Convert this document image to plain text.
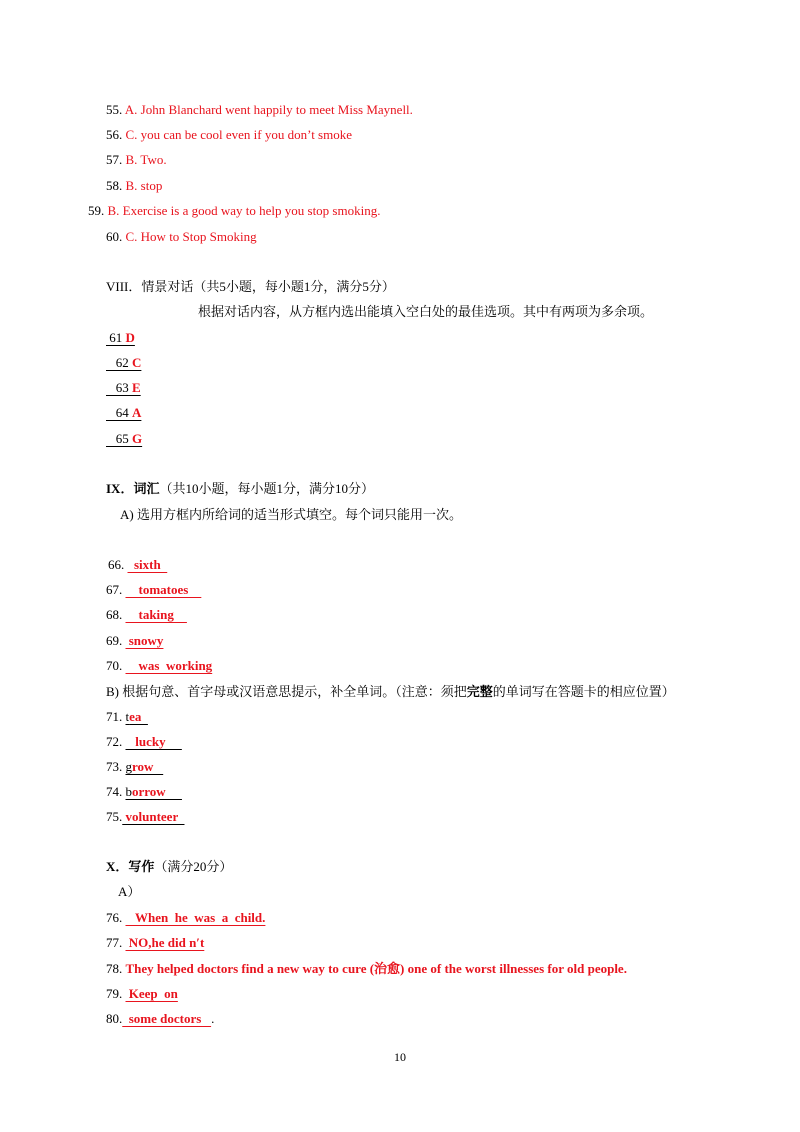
55. A. John Blanchard went happily to meet Miss Maynell.
56. C. you can be cool even if you don’t smoke
57. B. Two.
58. B. stop
59. B. Exercise is a good way to help you stop smoking.
60. C. How to Stop Smoking
VIII．情景对话（共5小题，每小题1分，满分5分）
根据对话内容，从方框内选出能填入空白处的最佳选项。其中有两项为多余项。
61 D
62 C
63 E
64 A
65 G
IX．词汇（共10小题，每小题1分，满分10分）
A) 选用方框内所给词的适当形式填空。每个词只能用一次。
66.   sixth
67.     tomatoes
68.     taking
69.  snowy
70.     was  working
B) 根据句意、首字母或汉语意思提示，补全单词。（注意：须把完整的单词写在答题卡的相应位置）
71. tea
72.    lucky
73. grow
74. borrow
75. volunteer
X．写作（满分20分）
A）
76.    When  he  was  a  child.
77.  NO,he did n′t
78. They helped doctors find a new way to cure (治愈) one of the worst illnesses for old people.
79.  Keep  on
80.  some doctors   .
10
